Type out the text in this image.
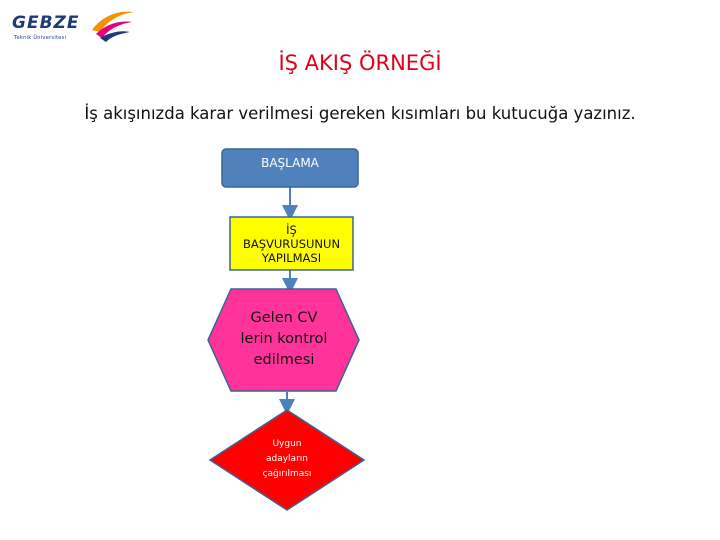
GEBZE
Teknik Üniversitesi
İŞ AKIŞ ÖRNEĞİ
İş akışınızda karar verilmesi gereken kısımları bu kutucuğa yazınız.
BAŞLAMA
İŞ
BAŞVURUSUNUN
YAPILMASI
Gelen CV
lerin kontrol
edilmesi
Uygun
adayların
çağırılması
